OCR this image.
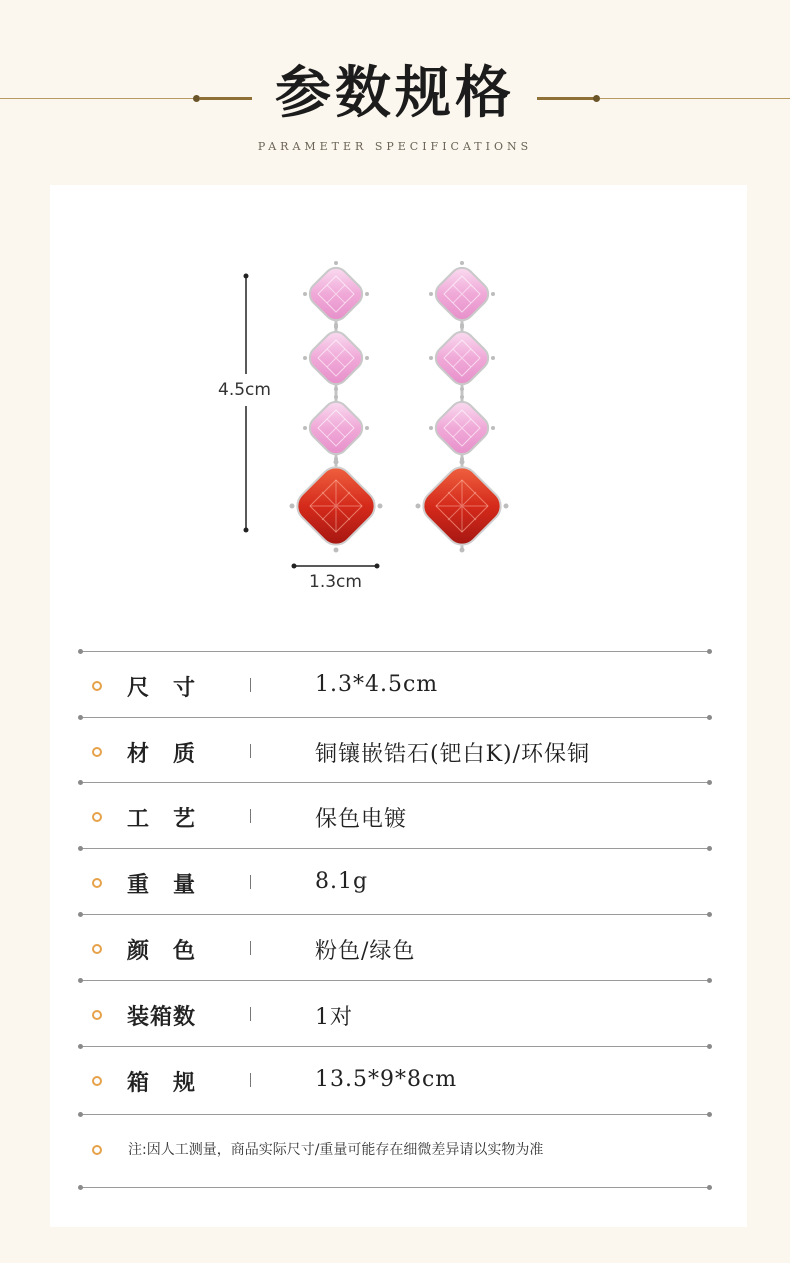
参数规格
PARAMETER SPECIFICATIONS
4.5cm
1.3cm
尺　寸	1.3*4.5cm
材　质	铜镶嵌锆石(钯白K)/环保铜
工　艺	保色电镀
重　量	8.1g
颜　色	粉色/绿色
装箱数	1对
箱　规	13.5*9*8cm
注:因人工测量，商品实际尺寸/重量可能存在细微差异请以实物为准
